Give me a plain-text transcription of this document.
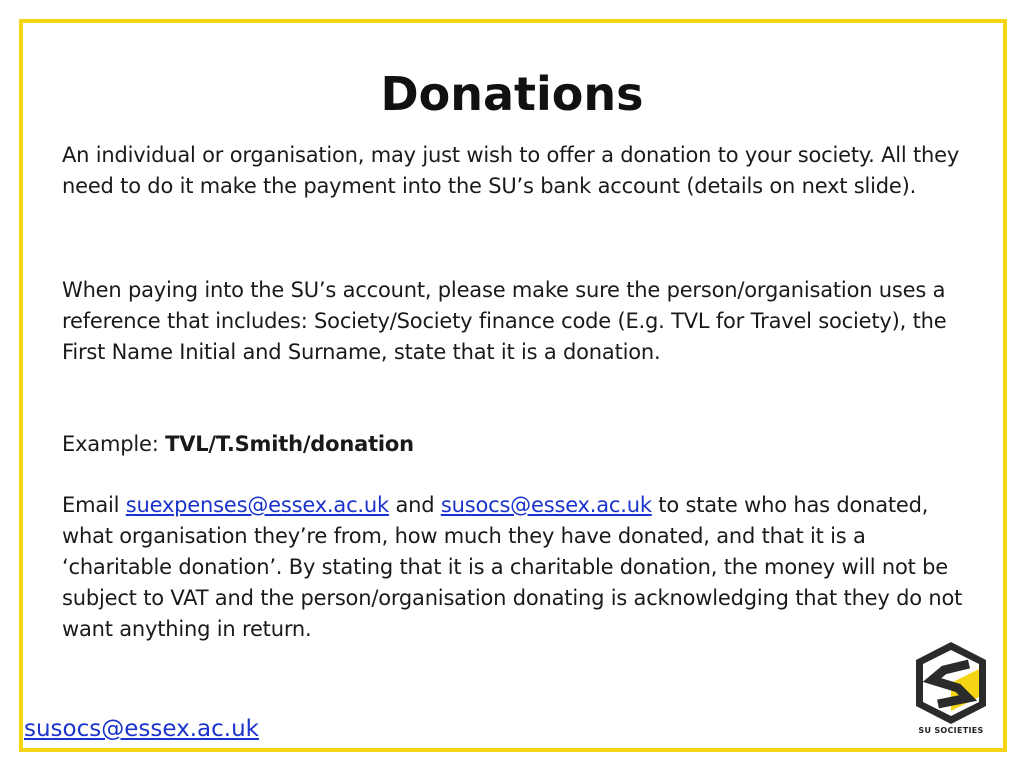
Donations

An individual or organisation, may just wish to offer a donation to your society. All they need to do it make the payment into the SU’s bank account (details on next slide).

When paying into the SU’s account, please make sure the person/organisation uses a reference that includes: Society/Society finance code (E.g. TVL for Travel society), the First Name Initial and Surname, state that it is a donation.

Example: TVL/T.Smith/donation

Email suexpenses@essex.ac.uk and susocs@essex.ac.uk to state who has donated, what organisation they’re from, how much they have donated, and that it is a ‘charitable donation’. By stating that it is a charitable donation, the money will not be subject to VAT and the person/organisation donating is acknowledging that they do not want anything in return.

susocs@essex.ac.uk	SU SOCIETIES
